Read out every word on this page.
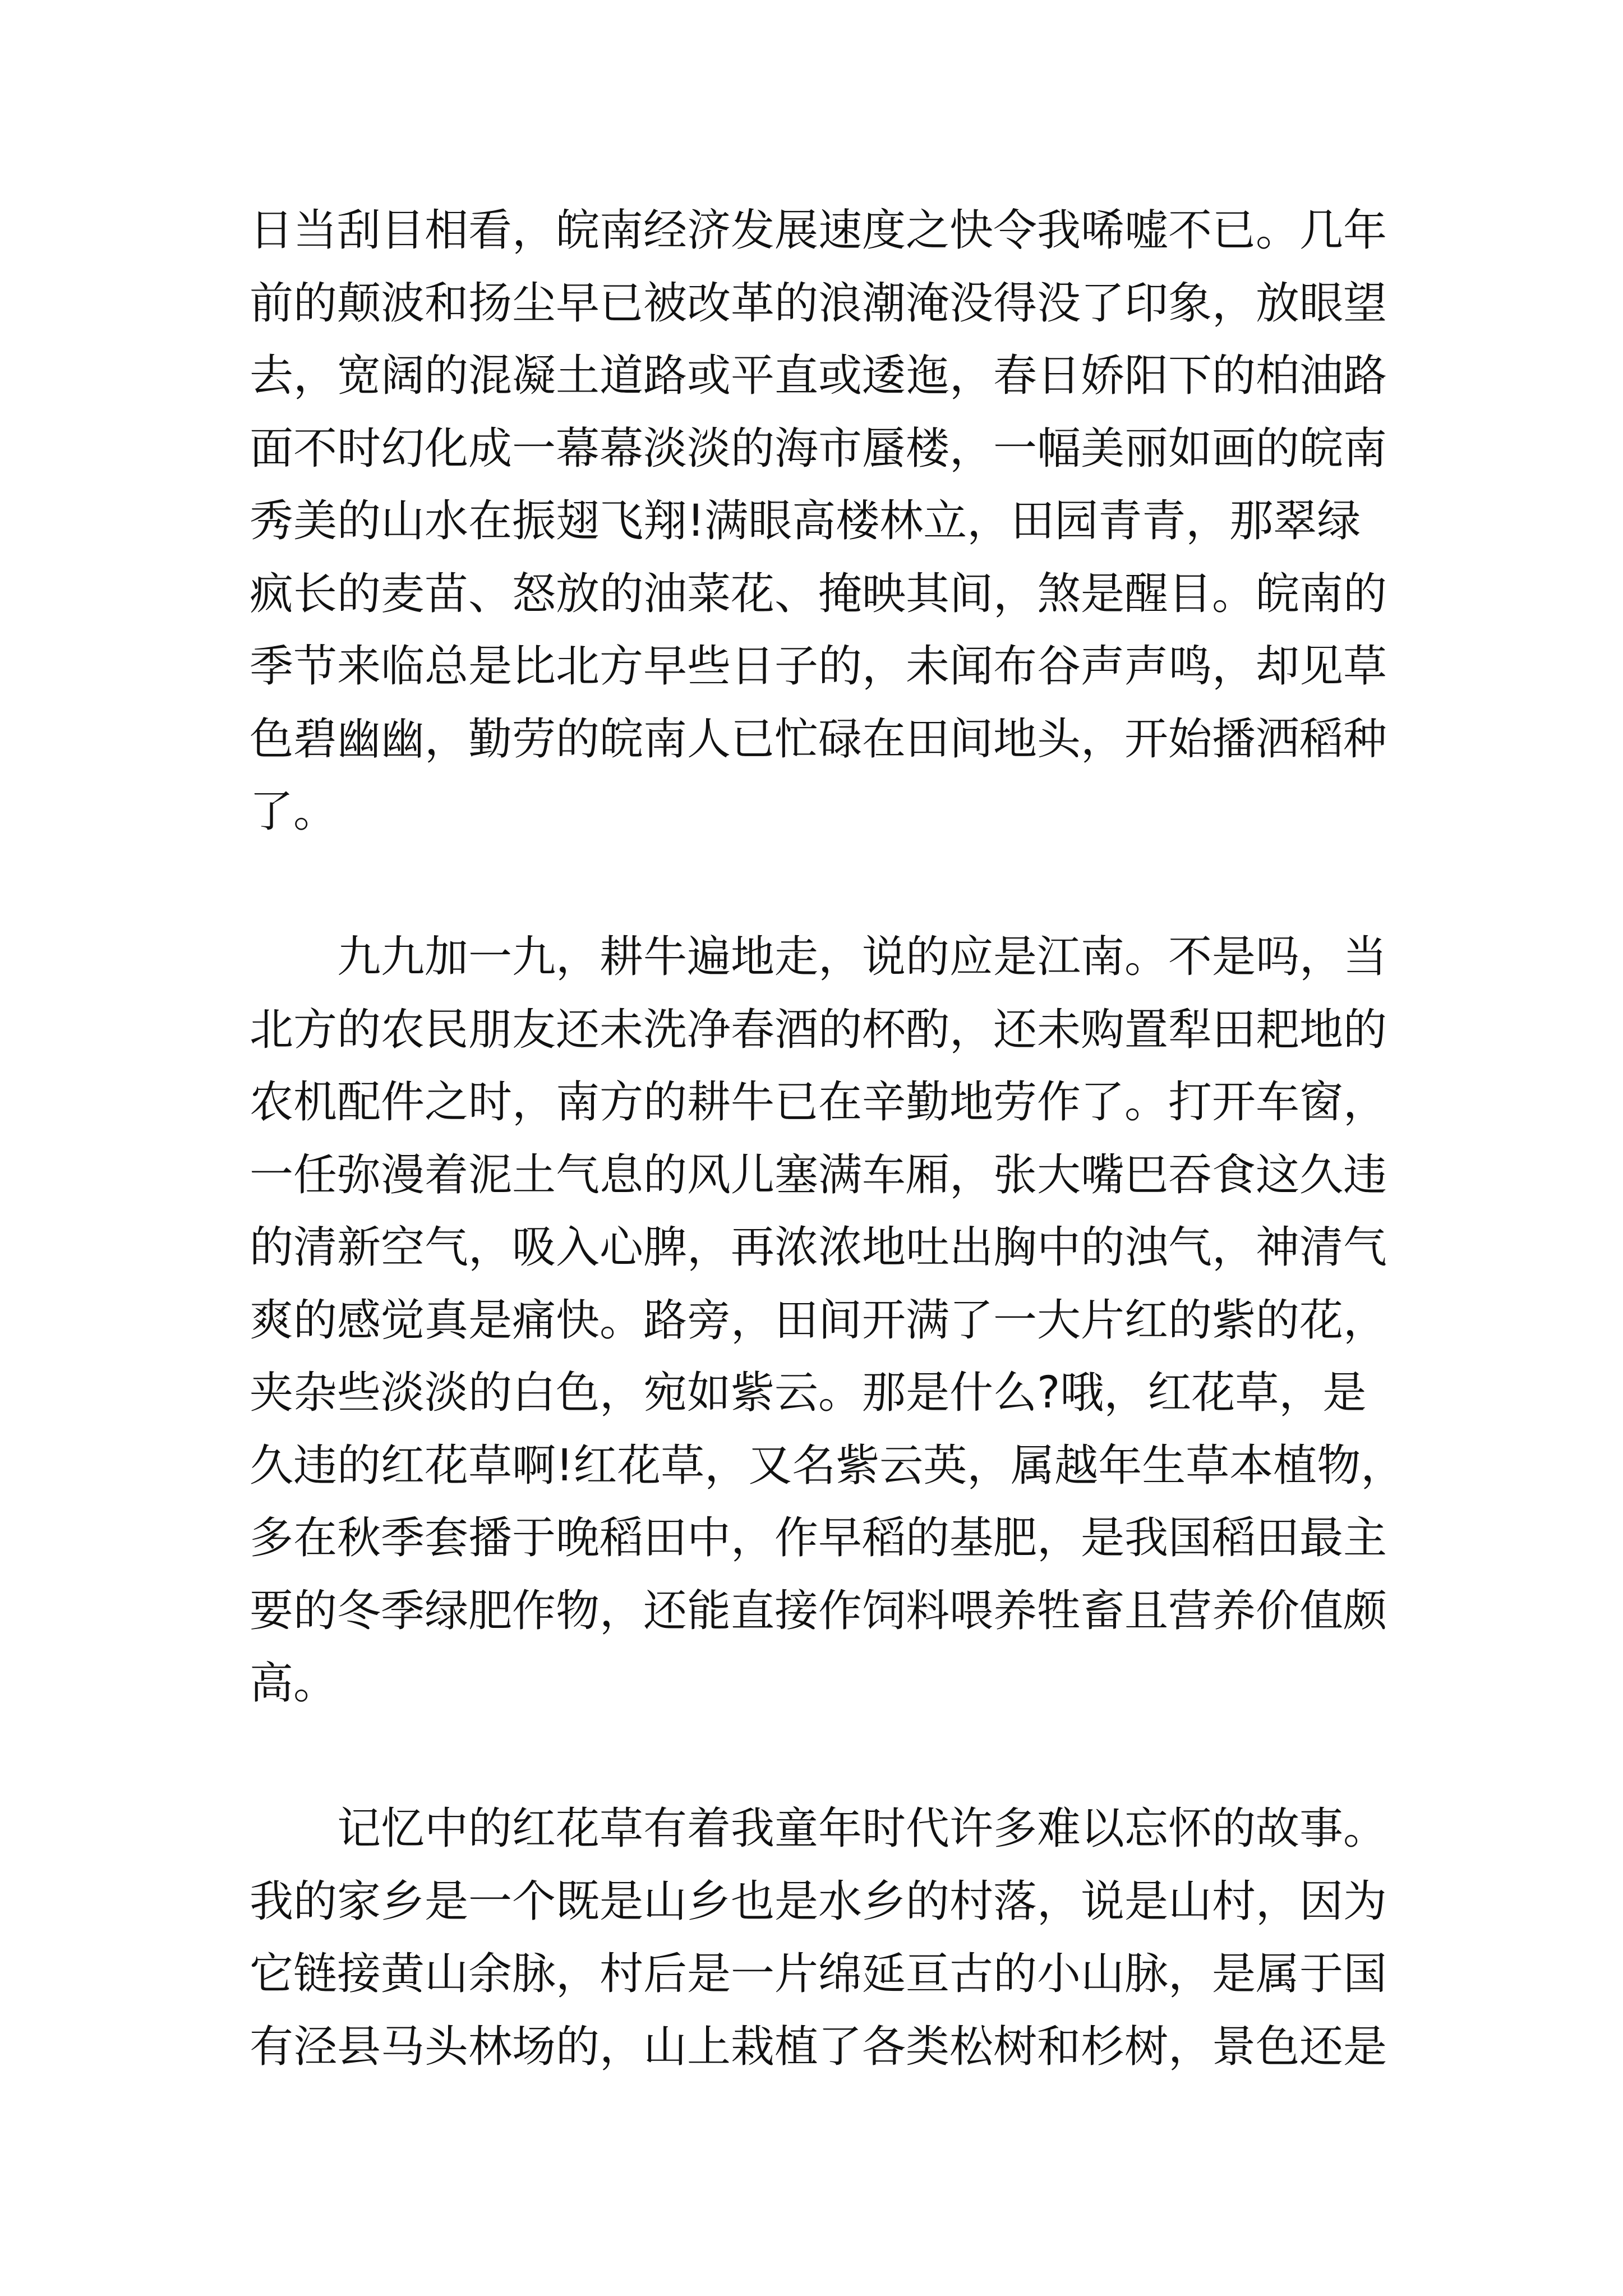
日当刮目相看，皖南经济发展速度之快令我唏嘘不已。几年
前的颠波和扬尘早已被改革的浪潮淹没得没了印象，放眼望
去，宽阔的混凝土道路或平直或逶迤，春日娇阳下的柏油路
面不时幻化成一幕幕淡淡的海市蜃楼，一幅美丽如画的皖南
秀美的山水在振翅飞翔!满眼高楼林立，田园青青，那翠绿
疯长的麦苗、怒放的油菜花、掩映其间，煞是醒目。皖南的
季节来临总是比北方早些日子的，未闻布谷声声鸣，却见草
色碧幽幽，勤劳的皖南人已忙碌在田间地头，开始播洒稻种
了。
　　九九加一九，耕牛遍地走，说的应是江南。不是吗，当
北方的农民朋友还未洗净春酒的杯酌，还未购置犁田耙地的
农机配件之时，南方的耕牛已在辛勤地劳作了。打开车窗，
一任弥漫着泥土气息的风儿塞满车厢，张大嘴巴吞食这久违
的清新空气，吸入心脾，再浓浓地吐出胸中的浊气，神清气
爽的感觉真是痛快。路旁，田间开满了一大片红的紫的花，
夹杂些淡淡的白色，宛如紫云。那是什么?哦，红花草，是
久违的红花草啊!红花草，又名紫云英，属越年生草本植物，
多在秋季套播于晚稻田中，作早稻的基肥，是我国稻田最主
要的冬季绿肥作物，还能直接作饲料喂养牲畜且营养价值颇
高。
　　记忆中的红花草有着我童年时代许多难以忘怀的故事。
我的家乡是一个既是山乡也是水乡的村落，说是山村，因为
它链接黄山余脉，村后是一片绵延亘古的小山脉，是属于国
有泾县马头林场的，山上栽植了各类松树和杉树，景色还是
